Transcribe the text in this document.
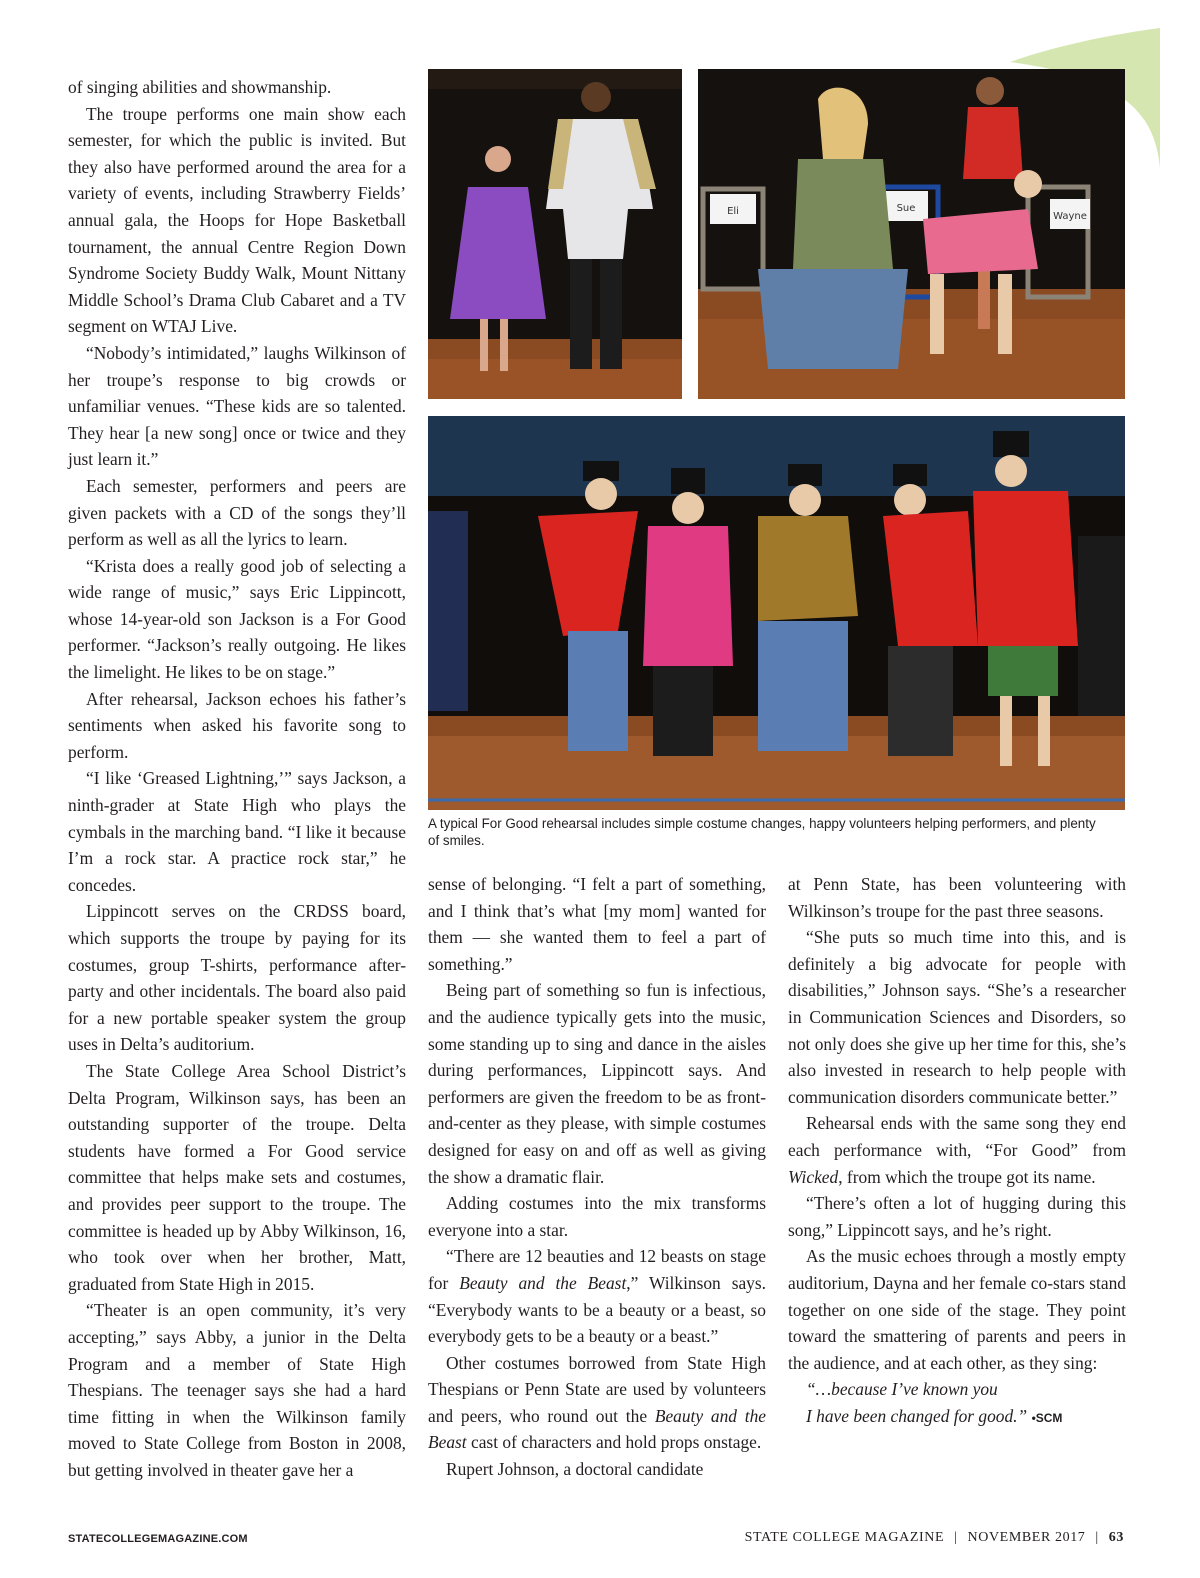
of singing abilities and showmanship.

The troupe performs one main show each semester, for which the public is invited. But they also have performed around the area for a variety of events, including Strawberry Fields’ annual gala, the Hoops for Hope Basketball tournament, the annual Centre Region Down Syndrome Society Buddy Walk, Mount Nittany Middle School’s Drama Club Cabaret and a TV segment on WTAJ Live.

“Nobody’s intimidated,” laughs Wilkinson of her troupe’s response to big crowds or unfamiliar venues. “These kids are so talented. They hear [a new song] once or twice and they just learn it.”

Each semester, performers and peers are given packets with a CD of the songs they’ll perform as well as all the lyrics to learn.

“Krista does a really good job of selecting a wide range of music,” says Eric Lippincott, whose 14-year-old son Jackson is a For Good performer. “Jackson’s really outgoing. He likes the limelight. He likes to be on stage.”

After rehearsal, Jackson echoes his father’s sentiments when asked his favorite song to perform.

“I like ‘Greased Lightning,’” says Jackson, a ninth-grader at State High who plays the cymbals in the marching band. “I like it because I’m a rock star. A practice rock star,” he concedes.

Lippincott serves on the CRDSS board, which supports the troupe by paying for its costumes, group T-shirts, performance after-party and other incidentals. The board also paid for a new portable speaker system the group uses in Delta’s auditorium.

The State College Area School District’s Delta Program, Wilkinson says, has been an outstanding supporter of the troupe. Delta students have formed a For Good service committee that helps make sets and costumes, and provides peer support to the troupe. The committee is headed up by Abby Wilkinson, 16, who took over when her brother, Matt, graduated from State High in 2015.

“Theater is an open community, it’s very accepting,” says Abby, a junior in the Delta Program and a member of State High Thespians. The teenager says she had a hard time fitting in when the Wilkinson family moved to State College from Boston in 2008, but getting involved in theater gave her a

Eli	Sue
Wayne
A typical For Good rehearsal includes simple costume changes, happy volunteers helping performers, and plenty of smiles.

sense of belonging. “I felt a part of something, and I think that’s what [my mom] wanted for them — she wanted them to feel a part of something.”

Being part of something so fun is infectious, and the audience typically gets into the music, some standing up to sing and dance in the aisles during performances, Lippincott says. And performers are given the freedom to be as front-and-center as they please, with simple costumes designed for easy on and off as well as giving the show a dramatic flair.

Adding costumes into the mix transforms everyone into a star.

“There are 12 beauties and 12 beasts on stage for Beauty and the Beast,” Wilkinson says. “Everybody wants to be a beauty or a beast, so everybody gets to be a beauty or a beast.”

Other costumes borrowed from State High Thespians or Penn State are used by volunteers and peers, who round out the Beauty and the Beast cast of characters and hold props onstage.

Rupert Johnson, a doctoral candidate

at Penn State, has been volunteering with Wilkinson’s troupe for the past three seasons.

“She puts so much time into this, and is definitely a big advocate for people with disabilities,” Johnson says. “She’s a researcher in Communication Sciences and Disorders, so not only does she give up her time for this, she’s also invested in research to help people with communication disorders communicate better.”

Rehearsal ends with the same song they end each performance with, “For Good” from Wicked, from which the troupe got its name.

“There’s often a lot of hugging during this song,” Lippincott says, and he’s right.

As the music echoes through a mostly empty auditorium, Dayna and her female co-stars stand together on one side of the stage. They point toward the smattering of parents and peers in the audience, and at each other, as they sing:

“…because I’ve known you
I have been changed for good.” •SCM
STATECOLLEGEMAGAZINE.COM	STATE COLLEGE MAGAZINE | NOVEMBER 2017 | 63
